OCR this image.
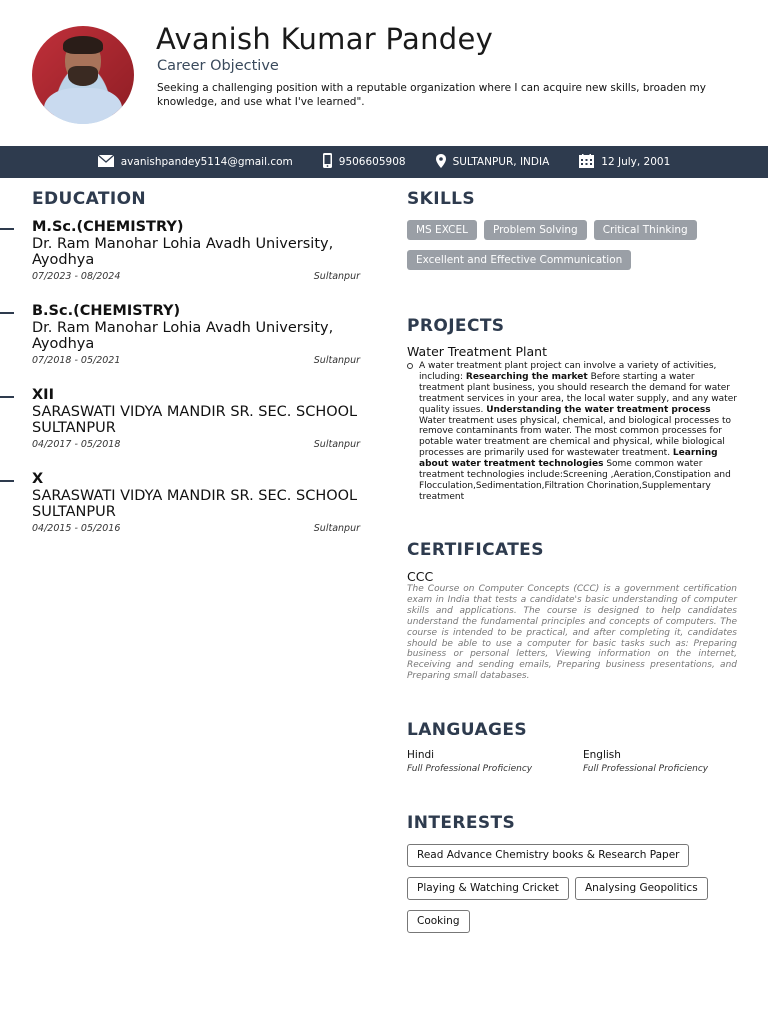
Avanish Kumar Pandey
Career Objective
Seeking a challenging position with a reputable organization where I can acquire new skills, broaden my knowledge, and use what I've learned".
avanishpandey5114@gmail.com	9506605908	SULTANPUR, INDIA	12 July, 2001
EDUCATION
M.Sc.(CHEMISTRY)
Dr. Ram Manohar Lohia Avadh University, Ayodhya
07/2023 - 08/2024	Sultanpur
B.Sc.(CHEMISTRY)
Dr. Ram Manohar Lohia Avadh University, Ayodhya
07/2018 - 05/2021	Sultanpur
XII
SARASWATI VIDYA MANDIR SR. SEC. SCHOOL SULTANPUR
04/2017 - 05/2018	Sultanpur
X
SARASWATI VIDYA MANDIR SR. SEC. SCHOOL SULTANPUR
04/2015 - 05/2016	Sultanpur
SKILLS
MS EXCEL	Problem Solving	Critical Thinking
Excellent and Effective Communication
PROJECTS
Water Treatment Plant
A water treatment plant project can involve a variety of activities, including: Researching the market Before starting a water treatment plant business, you should research the demand for water treatment services in your area, the local water supply, and any water quality issues. Understanding the water treatment process Water treatment uses physical, chemical, and biological processes to remove contaminants from water. The most common processes for potable water treatment are chemical and physical, while biological processes are primarily used for wastewater treatment. Learning about water treatment technologies Some common water treatment technologies include:Screening ,Aeration,Constipation and Flocculation,Sedimentation,Filtration Chorination,Supplementary treatment
CERTIFICATES
CCC
The Course on Computer Concepts (CCC) is a government certification exam in India that tests a candidate's basic understanding of computer skills and applications. The course is designed to help candidates understand the fundamental principles and concepts of computers. The course is intended to be practical, and after completing it, candidates should be able to use a computer for basic tasks such as: Preparing business or personal letters, Viewing information on the internet, Receiving and sending emails, Preparing business presentations, and Preparing small databases.
LANGUAGES
Hindi
Full Professional Proficiency
English
Full Professional Proficiency
INTERESTS
Read Advance Chemistry books & Research Paper
Playing & Watching Cricket	Analysing Geopolitics
Cooking
